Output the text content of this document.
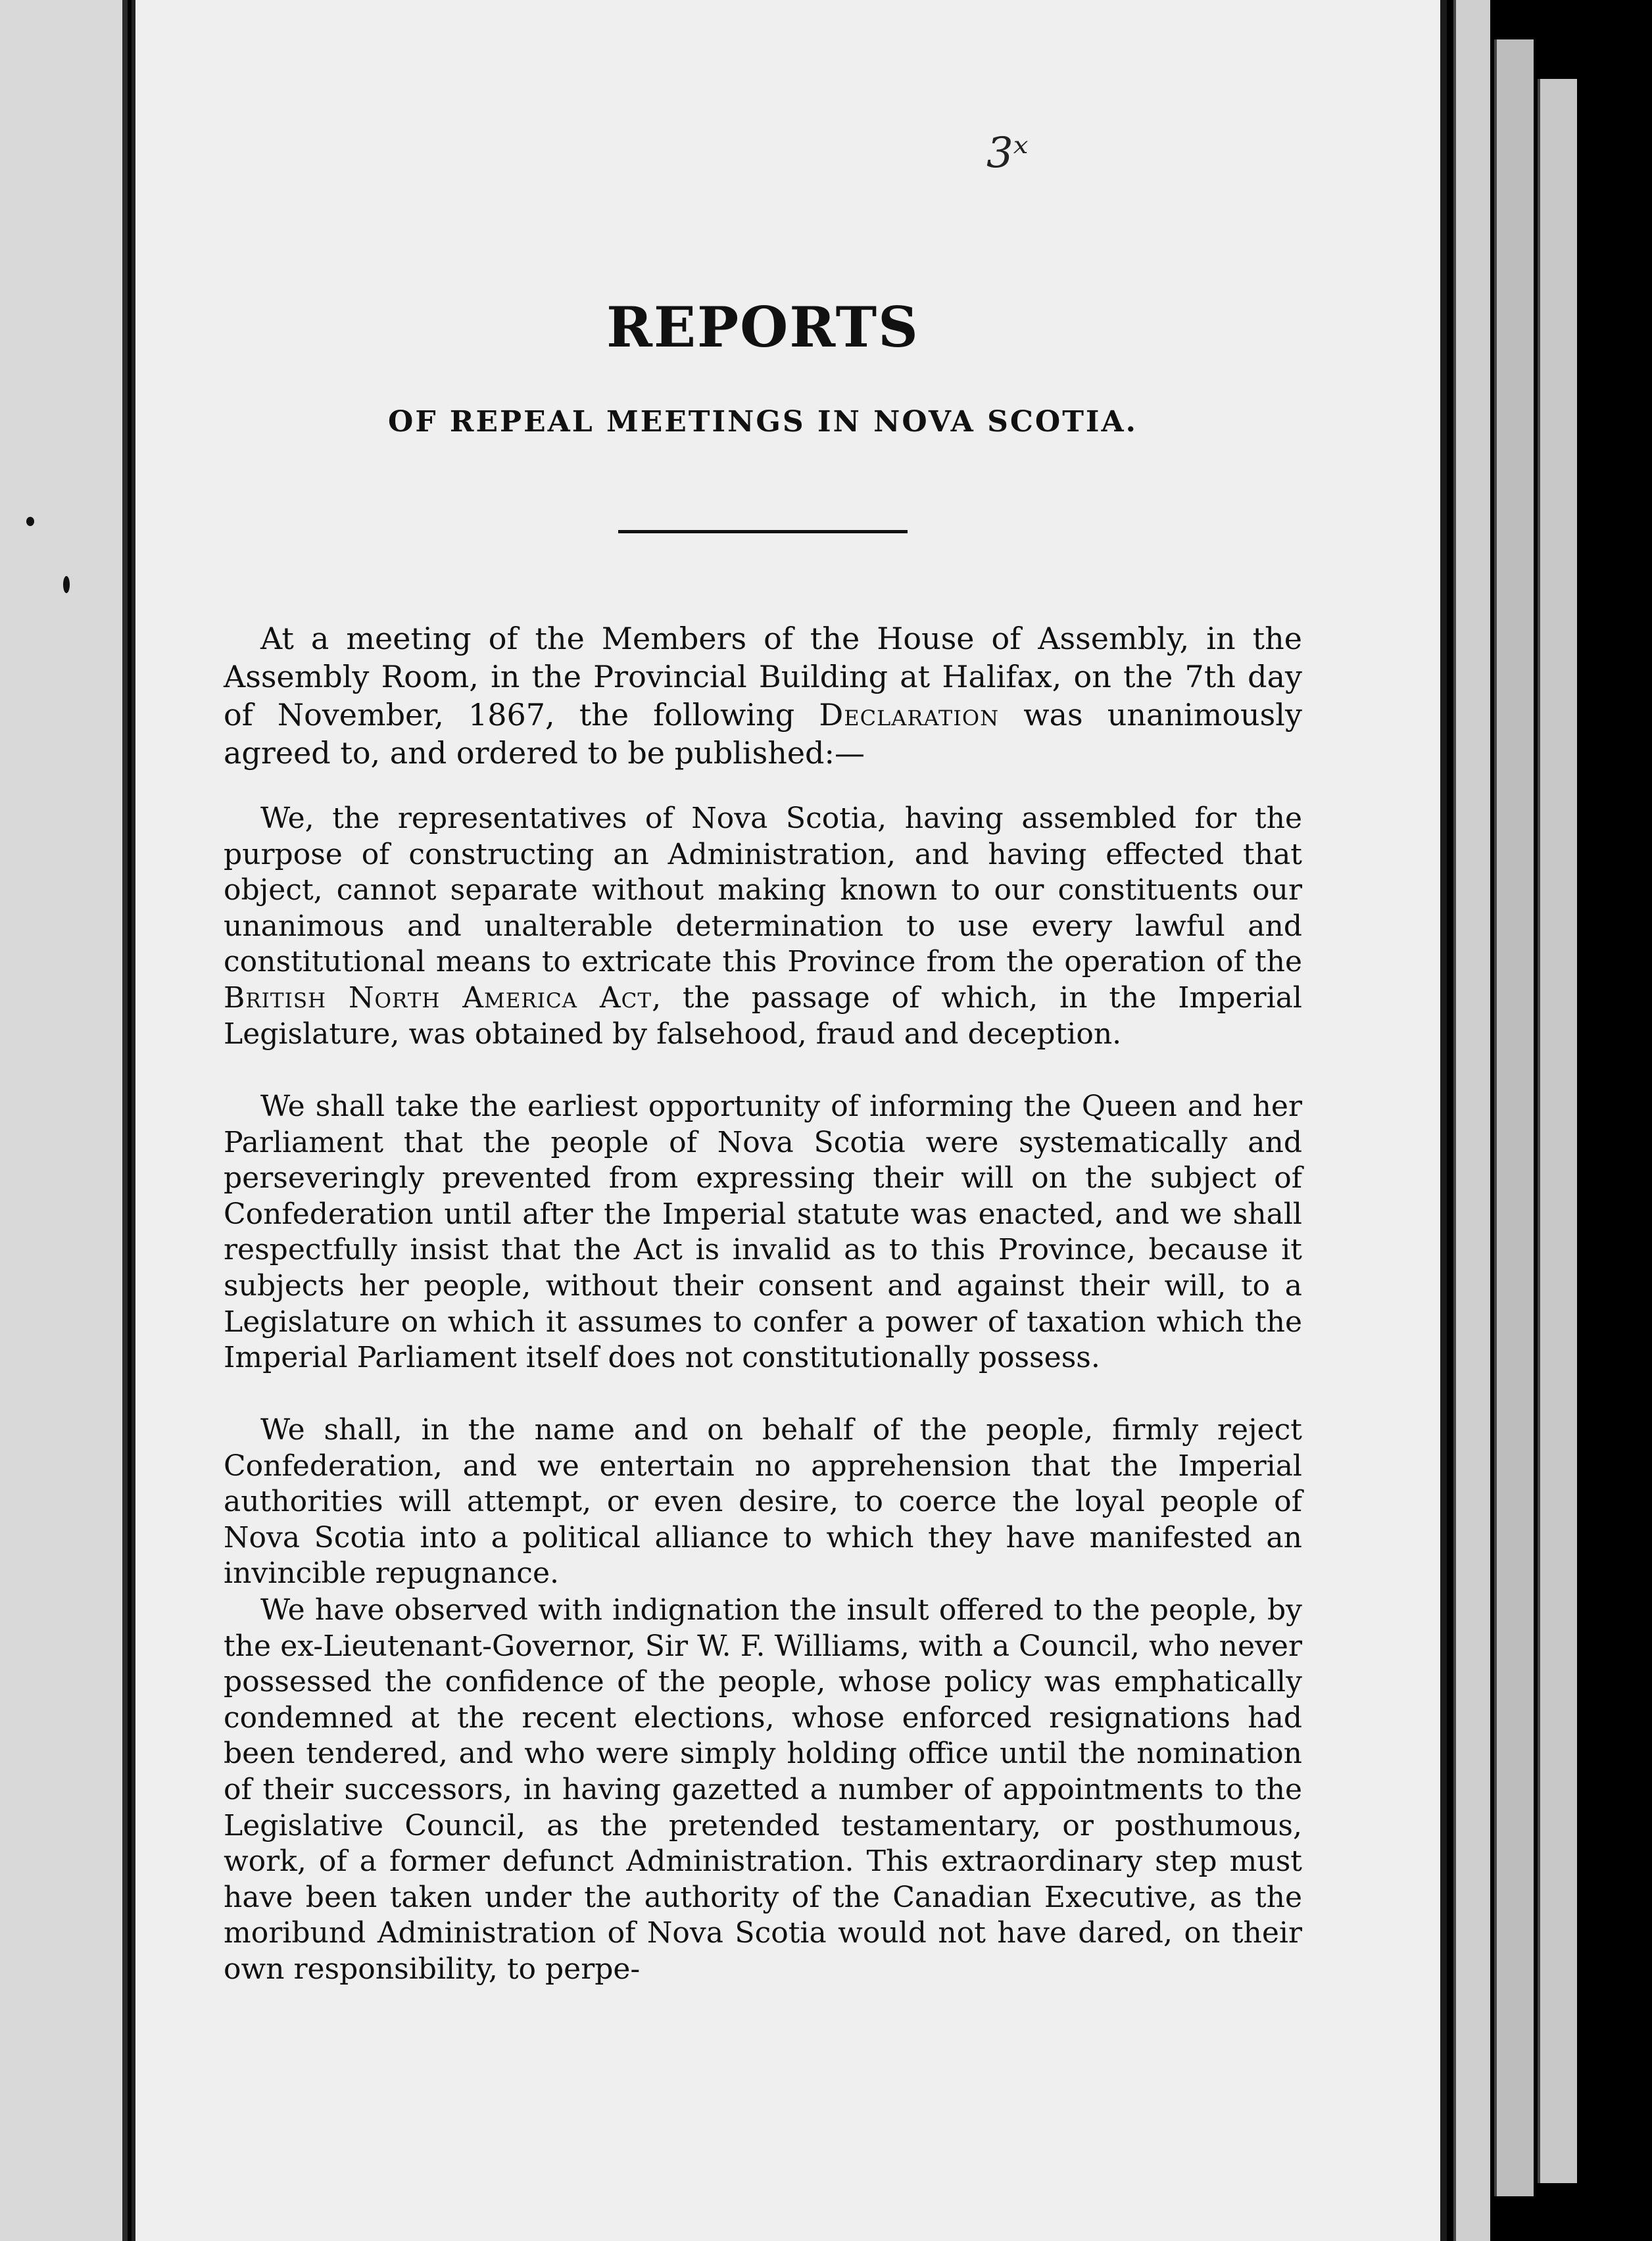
3ˣ
REPORTS
OF REPEAL MEETINGS IN NOVA SCOTIA.

At a meeting of the Members of the House of Assembly, in the Assembly Room, in the Provincial Building at Halifax, on the 7th day of November, 1867, the following Declaration was unanimously agreed to, and ordered to be published:—

We, the representatives of Nova Scotia, having assembled for the purpose of constructing an Administration, and having effected that object, cannot separate without making known to our constituents our unanimous and unalterable determination to use every lawful and constitutional means to extricate this Province from the operation of the British North America Act, the passage of which, in the Imperial Legislature, was obtained by falsehood, fraud and deception.

We shall take the earliest opportunity of informing the Queen and her Parliament that the people of Nova Scotia were systematically and perseveringly prevented from expressing their will on the subject of Confederation until after the Imperial statute was enacted, and we shall respectfully insist that the Act is invalid as to this Province, because it subjects her people, without their consent and against their will, to a Legislature on which it assumes to confer a power of taxation which the Imperial Parliament itself does not constitutionally possess.

We shall, in the name and on behalf of the people, firmly reject Confederation, and we entertain no apprehension that the Imperial authorities will attempt, or even desire, to coerce the loyal people of Nova Scotia into a political alliance to which they have manifested an invincible repugnance.

We have observed with indignation the insult offered to the people, by the ex-Lieutenant-Governor, Sir W. F. Williams, with a Council, who never possessed the confidence of the people, whose policy was emphatically condemned at the recent elections, whose enforced resignations had been tendered, and who were simply holding office until the nomination of their successors, in having gazetted a number of appointments to the Legislative Council, as the pretended testamentary, or posthumous, work, of a former defunct Administration. This extraordinary step must have been taken under the authority of the Canadian Executive, as the moribund Administration of Nova Scotia would not have dared, on their own responsibility, to perpe-
